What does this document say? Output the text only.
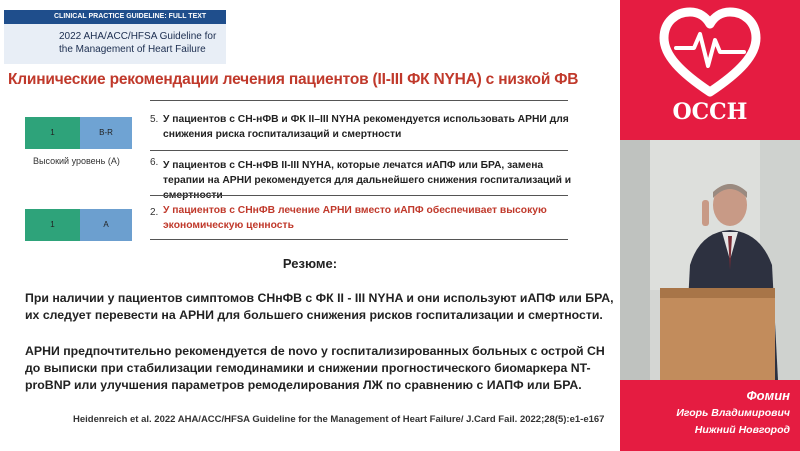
CLINICAL PRACTICE GUIDELINE: FULL TEXT
2022 AHA/ACC/HFSA Guideline for the Management of Heart Failure
Клинические рекомендации лечения пациентов (II-III ФК NYHA) с низкой ФВ
1	B-R
5. У пациентов с СН-нФВ и ФК II–III NYHA рекомендуется использовать АРНИ для снижения риска госпитализаций и смертности
Высокий уровень (А)	6. У пациентов с СН-нФВ II-III NYHA, которые лечатся иАПФ или БРА, замена терапии на АРНИ рекомендуется для дальнейшего снижения госпитализаций и
1	A
2. У пациентов с СНнФВ лечение АРНИ вместо иАПФ обеспечивает высокую экономическую ценность
Резюме:
При наличии у пациентов симптомов СНнФВ с ФК II - III NYHA и они используют иАПФ или БРА, их следует перевести на АРНИ для большего снижения рисков госпитализации и смертности.
АРНИ предпочтительно рекомендуется de novo у госпитализированных больных с острой СН до выписки при стабилизации гемодинамики и снижении прогностического биомаркера NT-proBNP или улучшения параметров ремоделирования ЛЖ по сравнению с ИАПФ или БРА.
Heidenreich et al. 2022 AHA/ACC/HFSA Guideline for the Management of Heart Failure/ J.Card Fail. 2022;28(5):e1-e167
ОССН
Фомин
Игорь Владимирович
Нижний Новгород
